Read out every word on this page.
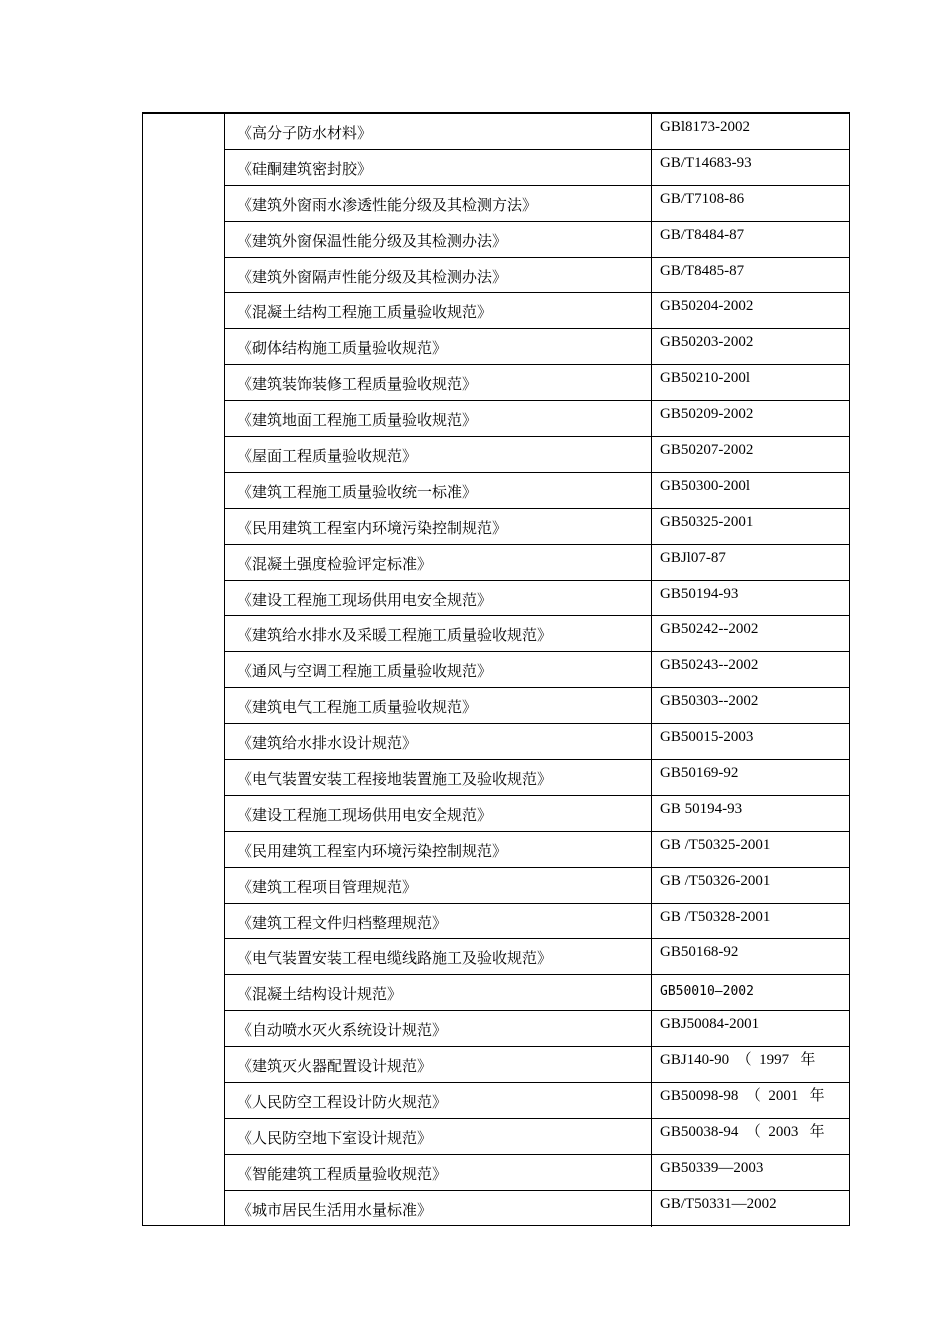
《高分子防水材料》	GBl8173-2002
《硅酮建筑密封胶》	GB/T14683-93
《建筑外窗雨水渗透性能分级及其检测方法》	GB/T7108-86
《建筑外窗保温性能分级及其检测办法》	GB/T8484-87
《建筑外窗隔声性能分级及其检测办法》	GB/T8485-87
《混凝土结构工程施工质量验收规范》	GB50204-2002
《砌体结构施工质量验收规范》	GB50203-2002
《建筑装饰装修工程质量验收规范》	GB50210-200l
《建筑地面工程施工质量验收规范》	GB50209-2002
《屋面工程质量验收规范》	GB50207-2002
《建筑工程施工质量验收统一标准》	GB50300-200l
《民用建筑工程室内环境污染控制规范》	GB50325-2001
《混凝土强度检验评定标准》	GBJl07-87
《建设工程施工现场供用电安全规范》	GB50194-93
《建筑给水排水及采暖工程施工质量验收规范》	GB50242--2002
《通风与空调工程施工质量验收规范》	GB50243--2002
《建筑电气工程施工质量验收规范》	GB50303--2002
《建筑给水排水设计规范》	GB50015-2003
《电气装置安装工程接地装置施工及验收规范》	GB50169-92
《建设工程施工现场供用电安全规范》	GB 50194-93
《民用建筑工程室内环境污染控制规范》	GB /T50325-2001
《建筑工程项目管理规范》	GB /T50326-2001
《建筑工程文件归档整理规范》	GB /T50328-2001
《电气装置安装工程电缆线路施工及验收规范》	GB50168-92
《混凝土结构设计规范》	GB50010—2002
《自动喷水灭火系统设计规范》	GBJ50084-2001
《建筑灭火器配置设计规范》	GBJ140-90  （  1997   年
《人民防空工程设计防火规范》	GB50098-98  （  2001   年
《人民防空地下室设计规范》	GB50038-94  （  2003   年
《智能建筑工程质量验收规范》	GB50339—2003
《城市居民生活用水量标准》	GB/T50331—2002
